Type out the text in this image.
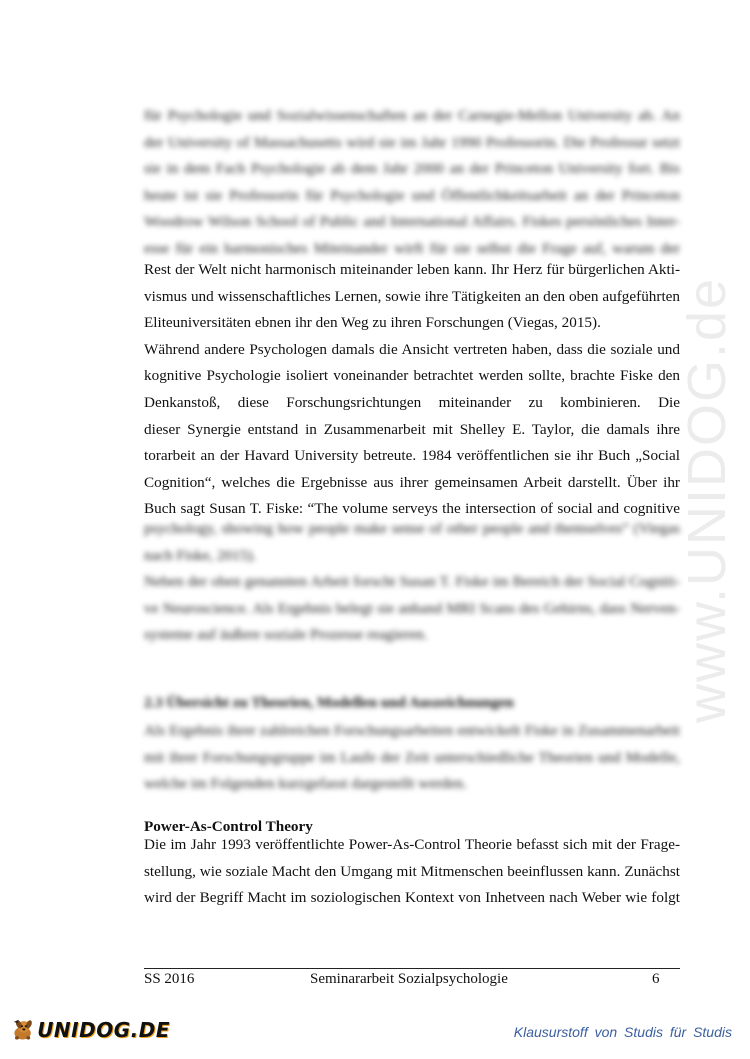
für Psychologie und Sozialwissenschaften an der Carnegie-Mellon University ab. An
der University of Massachusetts wird sie im Jahr 1990 Professorin. Die Professur setzt
sie in dem Fach Psychologie ab dem Jahr 2000 an der Princeton University fort. Bis
heute ist sie Professorin für Psychologie und Öffentlichkeitsarbeit an der Princeton
Woodrow Wilson School of Public and International Affairs. Fiskes persönliches Inter-
esse für ein harmonisches Miteinander wirft für sie selbst die Frage auf, warum der
Rest der Welt nicht harmonisch miteinander leben kann. Ihr Herz für bürgerlichen Akti-
vismus und wissenschaftliches Lernen, sowie ihre Tätigkeiten an den oben aufgeführten
Eliteuniversitäten ebnen ihr den Weg zu ihren Forschungen (Viegas, 2015).
Während andere Psychologen damals die Ansicht vertreten haben, dass die soziale und
kognitive Psychologie isoliert voneinander betrachtet werden sollte, brachte Fiske den
Denkanstoß, diese Forschungsrichtungen miteinander zu kombinieren. Die
dieser Synergie entstand in Zusammenarbeit mit Shelley E. Taylor, die damals ihre
torarbeit an der Havard University betreute. 1984 veröffentlichen sie ihr Buch „Social
Cognition“, welches die Ergebnisse aus ihrer gemeinsamen Arbeit darstellt. Über ihr
Buch sagt Susan T. Fiske: “The volume serveys the intersection of social and cognitive
psychology, showing how people make sense of other people and themselves” (Viegas
nach Fiske, 2015).
Neben der oben genannten Arbeit forscht Susan T. Fiske im Bereich der Social Cogniti-
ve Neuroscience. Als Ergebnis belegt sie anhand MRI Scans des Gehirns, dass Nerven-
systeme auf äußere soziale Prozesse reagieren.
2.3 Übersicht zu Theorien, Modellen und Auszeichnungen
Als Ergebnis ihrer zahlreichen Forschungsarbeiten entwickelt Fiske in Zusammenarbeit
mit ihrer Forschungsgruppe im Laufe der Zeit unterschiedliche Theorien und Modelle,
welche im Folgenden kurzgefasst dargestellt werden.
Power-As-Control Theory
Die im Jahr 1993 veröffentlichte Power-As-Control Theorie befasst sich mit der Frage-
stellung, wie soziale Macht den Umgang mit Mitmenschen beeinflussen kann. Zunächst
wird der Begriff Macht im soziologischen Kontext von Inhetveen nach Weber wie folgt
www.UNIDOG.de
SS 2016	Seminararbeit Sozialpsychologie	6
UNIDOG.DE	Klausurstoff von Studis für Studis
